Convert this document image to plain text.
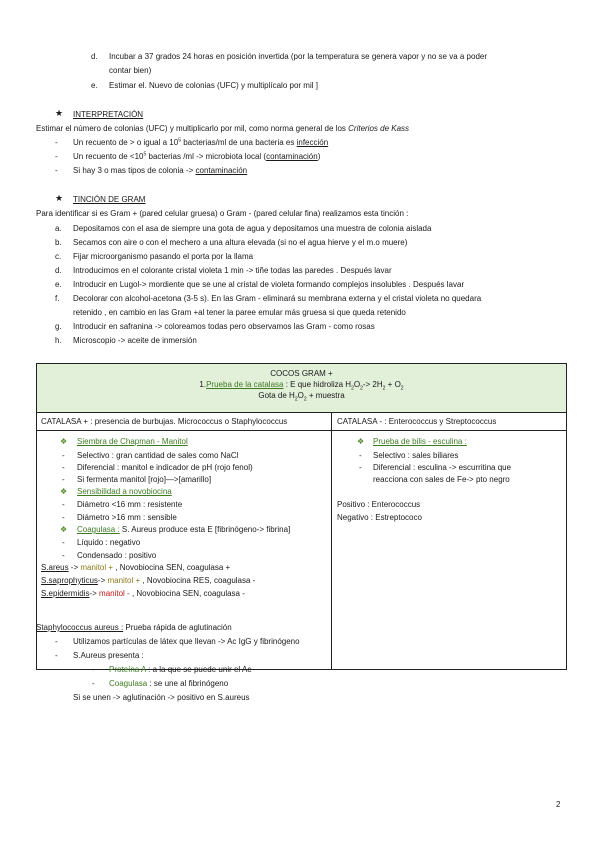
d. Incubar a 37 grados 24 horas en posición invertida (por la temperatura se genera vapor y no se va a poder
contar bien)
e. Estimar el. Nuevo de colonias (UFC) y multiplícalo por mil ]
★ INTERPRETACIÓN
Estimar el número de colonias (UFC) y multiplicarlo por mil, como norma general de los Criterios de Kass
- Un recuento de > o igual a $10^5$ bacterias/ml de una bacteria es infección
- Un recuento de $<10^5$ bacterias /ml -> microbiota local (contaminación)
- Si hay 3 o mas tipos de colonia -> contaminación
★ TINCIÓN DE GRAM
Para identificar si es Gram + (pared celular gruesa) o Gram - (pared celular fina) realizamos esta tinción :
a. Depositamos con el asa de siempre una gota de agua y depositamos una muestra de colonia aislada
b. Secamos con aire o con el mechero a una altura elevada (si no el agua hierve y el m.o muere)
c. Fijar microorganismo pasando el porta por la llama
d. Introducimos en el colorante cristal violeta 1 min -> tiñe todas las paredes . Después lavar
e. Introducir en Lugol-> mordiente que se une al cristal de violeta formando complejos insolubles . Después lavar
f. Decolorar con alcohol-acetona (3-5 s). En las Gram - eliminará su membrana externa y el cristal violeta no quedara
retenido , en cambio en las Gram +al tener la paree emular más gruesa si que queda retenido
g. Introducir en safranina -> coloreamos todas pero observamos las Gram - como rosas
h. Microscopio -> aceite de inmersión
COCOS GRAM +
1.Prueba de la catalasa : E que hidroliza $H_2O_2-> 2H_2 + O_2$
Gota de $H_2O_2$ + muestra
CATALASA + : presencia de burbujas. Micrococcus o Staphylococcus	CATALASA - : Enterococcus y Streptococcus
❖ Siembra de Chapman - Manitol
- Selectivo : gran cantidad de sales como NaCl
- Diferencial : manitol e indicador de pH (rojo fenol)
- Si fermenta manitol [rojo]—>[amarillo]
❖ Sensibilidad a novobiocina
- Diámetro <16 mm : resistente
- Diámetro >16 mm : sensible
❖ Coagulasa : S. Aureus produce esta E [fibrinógeno-> fibrina]
- Líquido : negativo
- Condensado : positivo
S.areus -> manitol + , Novobiocina SEN, coagulasa +
S.saprophyticus-> manitol + , Novobiocina RES, coagulasa -
S.epidermidis-> manitol - , Novobiocina SEN, coagulasa -
❖ Prueba de bilis - esculina :
- Selectivo : sales biliares
- Diferencial : esculina -> escurritina que
reacciona con sales de Fe-> pto negro
Positivo : Enterococcus
Negativo : Estreptococo
Staphylococcus aureus : Prueba rápida de aglutinación
- Utilizamos partículas de látex que llevan -> Ac IgG y fibrinógeno
- S.Aureus presenta :
- Proteína A : a la que se puede unir el Ac
- Coagulasa : se une al fibrinógeno
Si se unen -> aglutinación -> positivo en S.aureus
2
